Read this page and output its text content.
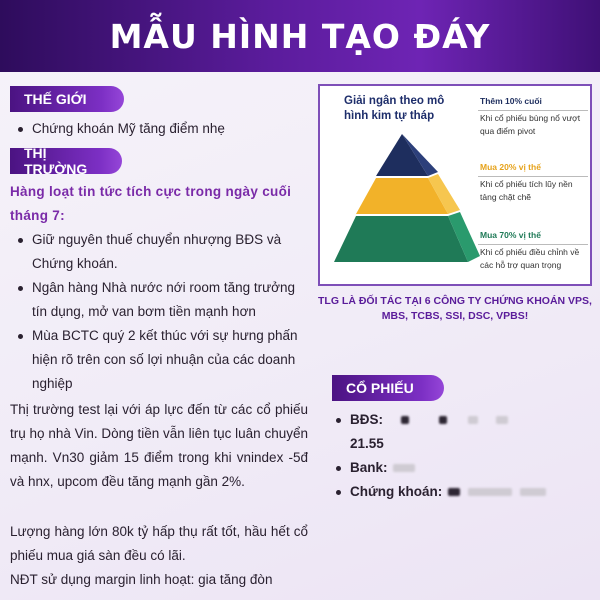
MẪU HÌNH TẠO ĐÁY
THẾ GIỚI
Chứng khoán Mỹ tăng điểm nhẹ
THỊ TRƯỜNG
Hàng loạt tin tức tích cực trong ngày cuối tháng 7:
Giữ nguyên thuế chuyển nhượng BĐS và Chứng khoán.
Ngân hàng Nhà nước nới room tăng trưởng tín dụng, mở van bơm tiền mạnh hơn
Mùa BCTC quý 2 kết thúc với sự hưng phấn hiện rõ trên con số lợi nhuận của các doanh nghiệp
Thị trường test lại với áp lực đến từ các cổ phiếu trụ họ nhà Vin. Dòng tiền vẫn liên tục luân chuyển mạnh. Vn30 giảm 15 điểm trong khi vnindex -5đ và hnx, upcom đều tăng mạnh gần 2%.
Lượng hàng lớn 80k tỷ hấp thụ rất tốt, hầu hết cổ phiếu mua giá sàn đều có lãi.
NĐT sử dụng margin linh hoạt: gia tăng đòn
Giải ngân theo mô hình kim tự tháp
Thêm 10% cuối
Khi cổ phiếu bùng nổ vượt qua điểm pivot
Mua 20% vị thế
Khi cổ phiếu tích lũy nền tảng chặt chẽ
Mua 70% vị thế
Khi cổ phiếu điều chỉnh về các hỗ trợ quan trọng
TLG LÀ ĐỐI TÁC TẠI 6 CÔNG TY CHỨNG KHOÁN VPS, MBS, TCBS, SSI, DSC, VPBS!
CỔ PHIẾU
BĐS:
21.55
Bank:
Chứng khoán:
